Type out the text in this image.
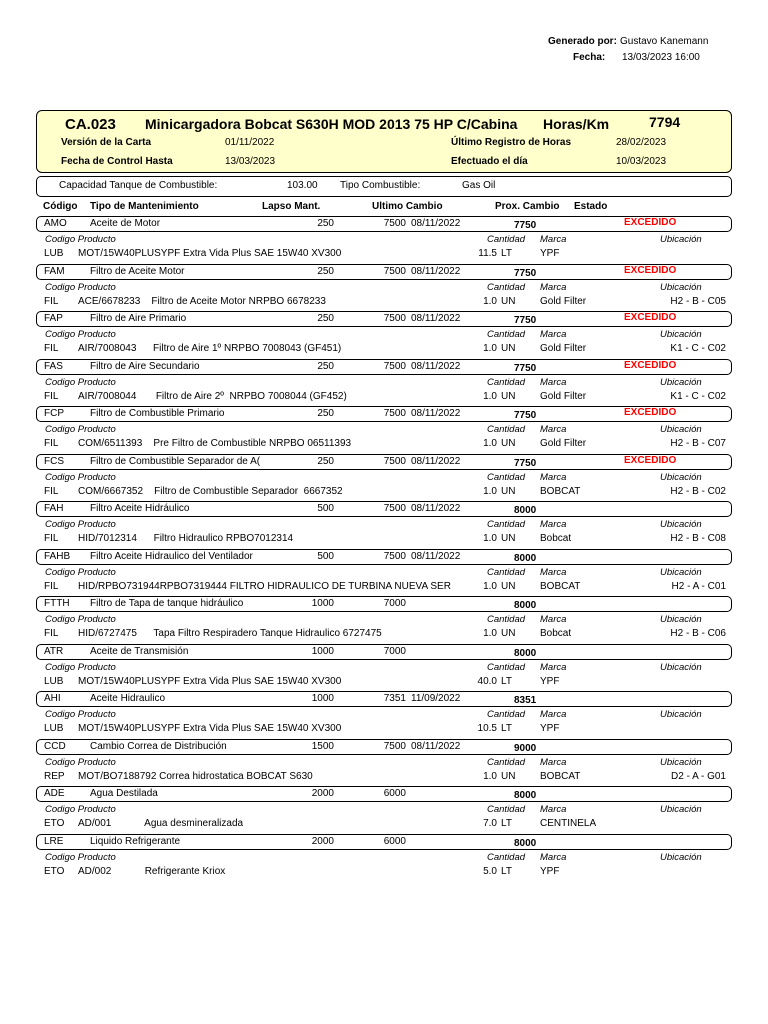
Generado por: Gustavo Kanemann
Fecha: 13/03/2023 16:00
CA.023 Minicargadora Bobcat S630H MOD 2013 75 HP C/Cabina Horas/Km	7794
Versión de la Carta	01/11/2022
Fecha de Control Hasta	13/03/2023
Último Registro de Horas	28/02/2023
Efectuado el día	10/03/2023
Capacidad Tanque de Combustible:	103.00 Tipo Combustible:	Gas Oil
Código Tipo de Mantenimiento	Lapso Mant.	Ultimo Cambio	Prox. Cambio Estado
AMO Aceite de Motor	250	7500 08/11/2022	7750	EXCEDIDO
Codigo Producto	Cantidad Marca	Ubicación
LUB MOT/15W40PLUSYPF Extra Vida Plus SAE 15W40 XV300	11.5 LT	YPF
FAM	Filtro de Aceite Motor	250	7500 08/11/2022	7750	EXCEDIDO
Codigo Producto	Cantidad Marca	Ubicación
FIL ACE/6678233    Filtro de Aceite Motor NRPBO 6678233	1.0 UN Gold Filter	H2 - B - C05
FAP	Filtro de Aire Primario	250	7500 08/11/2022	7750	EXCEDIDO
Codigo Producto	Cantidad Marca	Ubicación
FIL AIR/7008043      Filtro de Aire 1º NRPBO 7008043 (GF451)	1.0 UN Gold Filter	K1 - C - C02
FAS	Filtro de Aire Secundario	250	7500 08/11/2022	7750	EXCEDIDO
Codigo Producto	Cantidad Marca	Ubicación
FIL AIR/7008044       Filtro de Aire 2º  NRPBO 7008044 (GF452)	1.0 UN Gold Filter	K1 - C - C02
FCP	Filtro de Combustible Primario	250	7500 08/11/2022	7750	EXCEDIDO
Codigo Producto	Cantidad Marca	Ubicación
FIL COM/6511393    Pre Filtro de Combustible NRPBO 06511393	1.0 UN Gold Filter	H2 - B - C07
FCS	Filtro de Combustible Separador de A(	250	7500 08/11/2022	7750	EXCEDIDO
Codigo Producto	Cantidad Marca	Ubicación
FIL COM/6667352    Filtro de Combustible Separador  6667352	1.0 UN BOBCAT	H2 - B - C02
FAH	Filtro Aceite Hidráulico	500	7500 08/11/2022	8000
Codigo Producto	Cantidad Marca	Ubicación
FIL HID/7012314      Filtro Hidraulico RPBO7012314	1.0 UN Bobcat	H2 - B - C08
FAHB Filtro Aceite Hidraulico del Ventilador	500	7500 08/11/2022	8000
Codigo Producto	Cantidad Marca	Ubicación
FIL HID/RPBO731944RPBO7319444 FILTRO HIDRAULICO DE TURBINA NUEVA SER	1.0 UN BOBCAT	H2 - A - C01
FTTH Filtro de Tapa de tanque hidráulico	1000	7000	8000
Codigo Producto	Cantidad Marca	Ubicación
FIL HID/6727475      Tapa Filtro Respiradero Tanque Hidraulico 6727475	1.0 UN Bobcat	H2 - B - C06
ATR	Aceite de Transmisión	1000	7000	8000
Codigo Producto	Cantidad Marca	Ubicación
LUB MOT/15W40PLUSYPF Extra Vida Plus SAE 15W40 XV300	40.0 LT	YPF
AHI	Aceite Hidraulico	1000	7351 11/09/2022	8351
Codigo Producto	Cantidad Marca	Ubicación
LUB MOT/15W40PLUSYPF Extra Vida Plus SAE 15W40 XV300	10.5 LT	YPF
CCD Cambio Correa de Distribución	1500	7500 08/11/2022	9000
Codigo Producto	Cantidad Marca	Ubicación
REP MOT/BO7188792 Correa hidrostatica BOBCAT S630	1.0 UN BOBCAT	D2 - A - G01
ADE	Agua Destilada	2000	6000	8000
Codigo Producto	Cantidad Marca	Ubicación
ETO AD/001            Agua desmineralizada	7.0 LT	CENTINELA
LRE	Liquido Refrigerante	2000	6000	8000
Codigo Producto	Cantidad Marca	Ubicación
ETO AD/002            Refrigerante Kriox	5.0 LT	YPF
